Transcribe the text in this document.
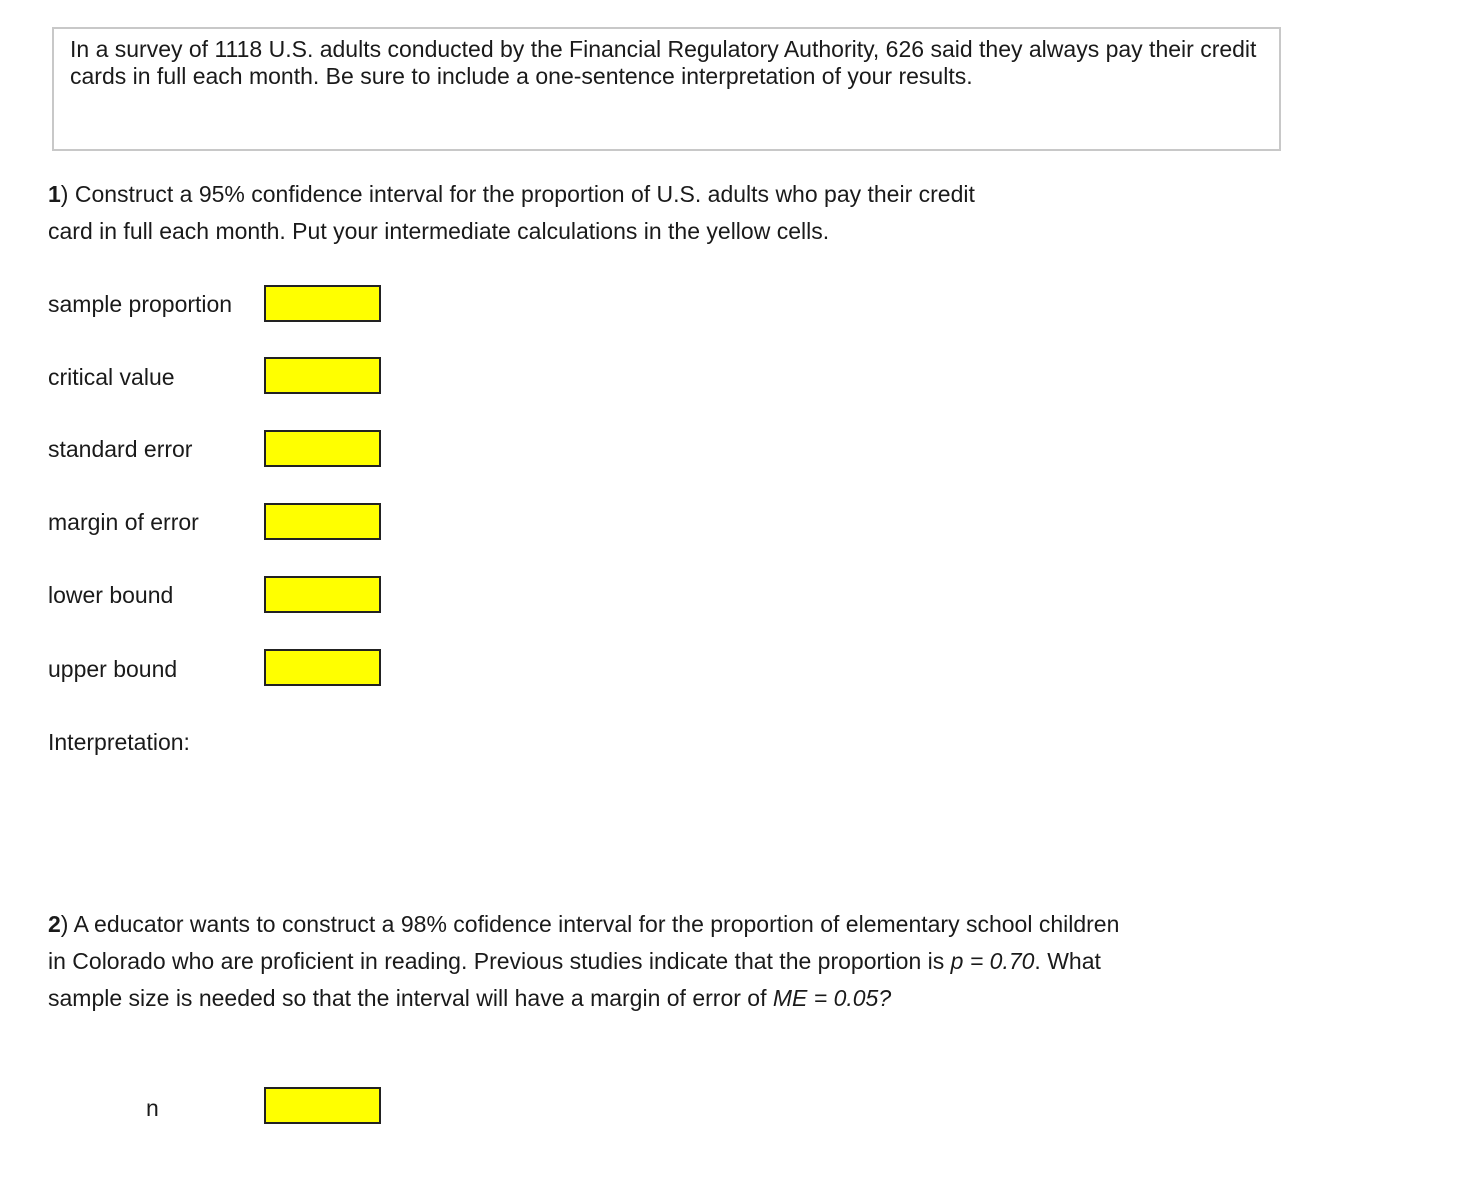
In a survey of 1118 U.S. adults conducted by the Financial Regulatory Authority, 626 said they always pay their credit cards in full each month. Be sure to include a one-sentence interpretation of your results.
1) Construct a 95% confidence interval for the proportion of U.S. adults who pay their credit card in full each month. Put your intermediate calculations in the yellow cells.
sample proportion
critical value
standard error
margin of error
lower bound
upper bound
Interpretation:
2) A educator wants to construct a 98% cofidence interval for the proportion of elementary school children in Colorado who are proficient in reading. Previous studies indicate that the proportion is p = 0.70. What sample size is needed so that the interval will have a margin of error of ME = 0.05?
n
